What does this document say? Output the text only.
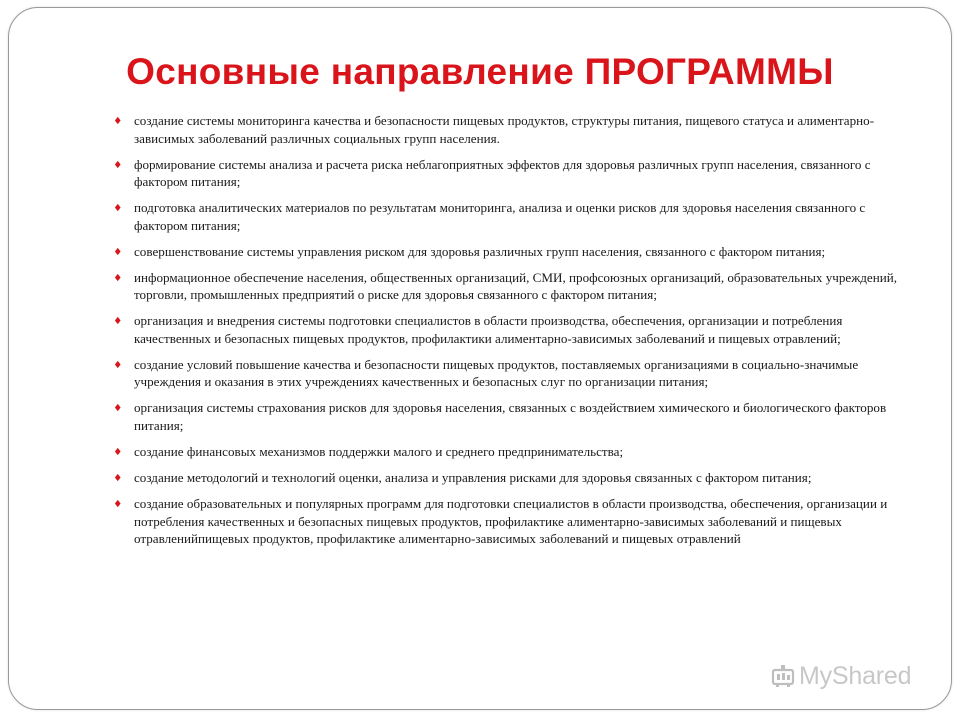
Основные направление ПРОГРАММЫ
◆
создание системы мониторинга качества и безопасности пищевых продуктов, структуры питания, пищевого статуса и алиментарно-зависимых заболеваний различных социальных групп населения.
◆
формирование системы анализа и расчета риска неблагоприятных эффектов для здоровья различных групп населения, связанного с фактором питания;
◆
подготовка аналитических материалов по результатам мониторинга, анализа и оценки рисков для здоровья населения связанного с фактором питания;
◆
совершенствование системы управления риском для здоровья различных групп населения, связанного с фактором питания;
◆
информационное обеспечение населения, общественных организаций, СМИ, профсоюзных организаций, образовательных учреждений, торговли, промышленных предприятий о риске для здоровья связанного с фактором питания;
◆
организация и внедрения системы подготовки специалистов в области производства, обеспечения, организации и потребления качественных и безопасных пищевых продуктов, профилактики алиментарно-зависимых заболеваний и пищевых отравлений;
◆
создание условий повышение качества и безопасности пищевых продуктов, поставляемых организациями в социально-значимые учреждения и оказания в этих учреждениях качественных и безопасных слуг по организации питания;
◆
организация системы страхования рисков для здоровья населения, связанных с воздействием химического и биологического факторов питания;
◆
создание финансовых механизмов поддержки малого и среднего предпринимательства;
◆
создание методологий и технологий оценки, анализа и управления рисками для здоровья связанных с фактором питания;
◆
создание образовательных и популярных программ для подготовки специалистов в области производства, обеспечения, организации и потребления качественных и безопасных пищевых продуктов, профилактике алиментарно-зависимых заболеваний и пищевых отравленийпищевых продуктов, профилактике алиментарно-зависимых заболеваний и пищевых отравлений
MyShared
